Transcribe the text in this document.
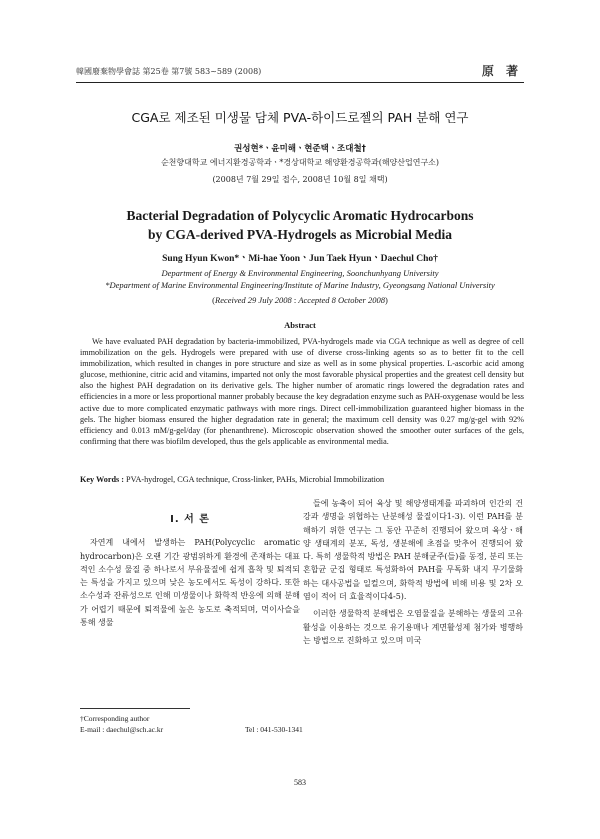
韓國廢棄物學會誌 第25卷 第7號 583~589 (2008)	原 著
CGA로 제조된 미생물 담체 PVA-하이드로젤의 PAH 분해 연구
권성현*ㆍ윤미해ㆍ현준택ㆍ조대철†
순천향대학교 에너지환경공학과ㆍ*경상대학교 해양환경공학과(해양산업연구소)
(2008년 7월 29일 접수, 2008년 10월 8일 채택)
Bacterial Degradation of Polycyclic Aromatic Hydrocarbons
by CGA-derived PVA-Hydrogels as Microbial Media
Sung Hyun Kwon*ㆍMi-hae YoonㆍJun Taek HyunㆍDaechul Cho†
Department of Energy & Environmental Engineering, Soonchunhyang University
*Department of Marine Environmental Engineering/Institute of Marine Industry, Gyeongsang National University
(Received 29 July 2008 : Accepted 8 October 2008)
Abstract
We have evaluated PAH degradation by bacteria-immobilized, PVA-hydrogels made via CGA technique as well as degree of cell immobilization on the gels. Hydrogels were prepared with use of diverse cross-linking agents so as to better fit to the cell immobilization, which resulted in changes in pore structure and size as well as in some physical properties. L-ascorbic acid among glucose, methionine, citric acid and vitamins, imparted not only the most favorable physical properties and the greatest cell density but also the highest PAH degradation on its derivative gels. The higher number of aromatic rings lowered the degradation rates and efficiencies in a more or less proportional manner probably because the key degradation enzyme such as PAH-oxygenase would be less active due to more complicated enzymatic pathways with more rings. Direct cell-immobilization guaranteed higher biomass in the gels. The higher biomass ensured the higher degradation rate in general; the maximum cell density was 0.27 mg/g-gel with 92% efficiency and 0.013 mM/g-gel/day (for phenanthrene). Microscopic observation showed the smoother outer surfaces of the gels, confirming that there was biofilm developed, thus the gels applicable as environmental media.
Key Words : PVA-hydrogel, CGA technique, Cross-linker, PAHs, Microbial Immobilization
I. 서 론

자연계 내에서 발생하는 PAH(Polycyclic aromatic hydrocarbon)은 오랜 기간 광범위하게 환경에 존재하는 대표적인 소수성 물질 중 하나로서 부유물질에 쉽게 흡착 및 퇴적되는 특성을 가지고 있으며 낮은 농도에서도 독성이 강하다. 또한 소수성과 잔류성으로 인해 미생물이나 화학적 반응에 의해 분해가 어렵기 때문에 퇴적물에 높은 농도로 축적되며, 먹이사슬을 통해 생물

들에 농축이 되어 육상 및 해양생태계를 파괴하며 인간의 건강과 생명을 위협하는 난분해성 물질이다1-3). 이런 PAH를 분해하기 위한 연구는 그 동안 꾸준히 진행되어 왔으며 육상ㆍ해양 생태계의 분포, 독성, 생분해에 초점을 맞추어 진행되어 왔다. 특히 생물학적 방법은 PAH 분해균주(들)를 동정, 분리 또는 혼합균 군집 형태로 특성화하여 PAH를 무독화 내지 무기물화하는 대사공법을 일컬으며, 화학적 방법에 비해 비용 및 2차 오염이 적어 더 효율적이다4-5).

이러한 생물학적 분해법은 오염물질을 분해하는 생물의 고유활성을 이용하는 것으로 유기용매나 계면활성제 첨가와 병행하는 방법으로 진화하고 있으며 미국

†Corresponding author
E-mail : daechul@sch.ac.kr	Tel : 041-530-1341
583
